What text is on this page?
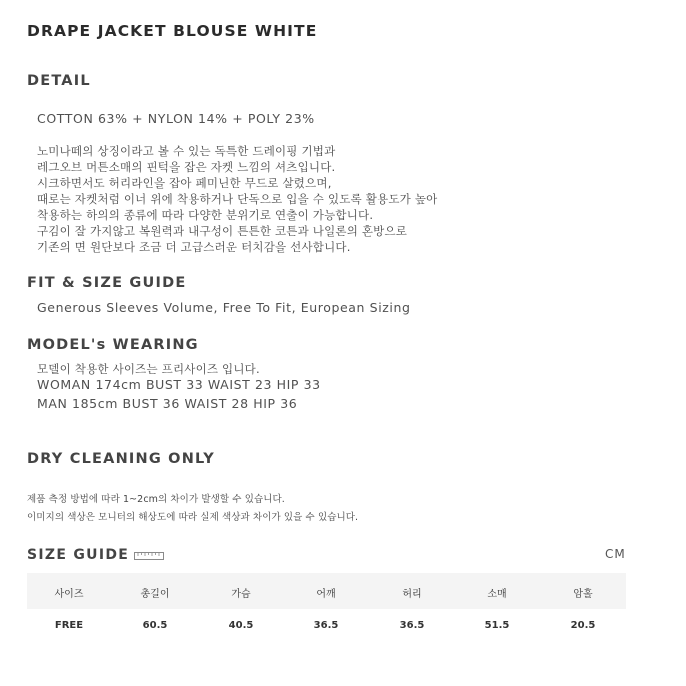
DRAPE JACKET BLOUSE WHITE
DETAIL
COTTON 63% + NYLON 14% + POLY 23%
노미나떼의 상징이라고 볼 수 있는 독특한 드레이핑 기법과
레그오브 머튼소매의 핀턱을 잡은 자켓 느낌의 셔츠입니다.
시크하면서도 허리라인을 잡아 페미닌한 무드로 살렸으며,
때로는 자켓처럼 이너 위에 착용하거나 단독으로 입을 수 있도록 활용도가 높아
착용하는 하의의 종류에 따라 다양한 분위기로 연출이 가능합니다.
구김이 잘 가지않고 복원력과 내구성이 튼튼한 코튼과 나일론의 혼방으로
기존의 면 원단보다 조금 더 고급스러운 터치감을 선사합니다.
FIT & SIZE GUIDE
Generous Sleeves Volume, Free To Fit, European Sizing
MODEL's WEARING
모델이 착용한 사이즈는 프리사이즈 입니다.
WOMAN 174cm BUST 33 WAIST 23 HIP 33
MAN 185cm BUST 36 WAIST 28 HIP 36
DRY CLEANING ONLY
제품 측정 방법에 따라 1~2cm의 차이가 발생할 수 있습니다.
이미지의 색상은 모니터의 해상도에 따라 실제 색상과 차이가 있을 수 있습니다.
SIZE GUIDE	CM
사이즈	총길이	가슴	어깨	허리	소매	암홀
FREE	60.5	40.5	36.5	36.5	51.5	20.5
